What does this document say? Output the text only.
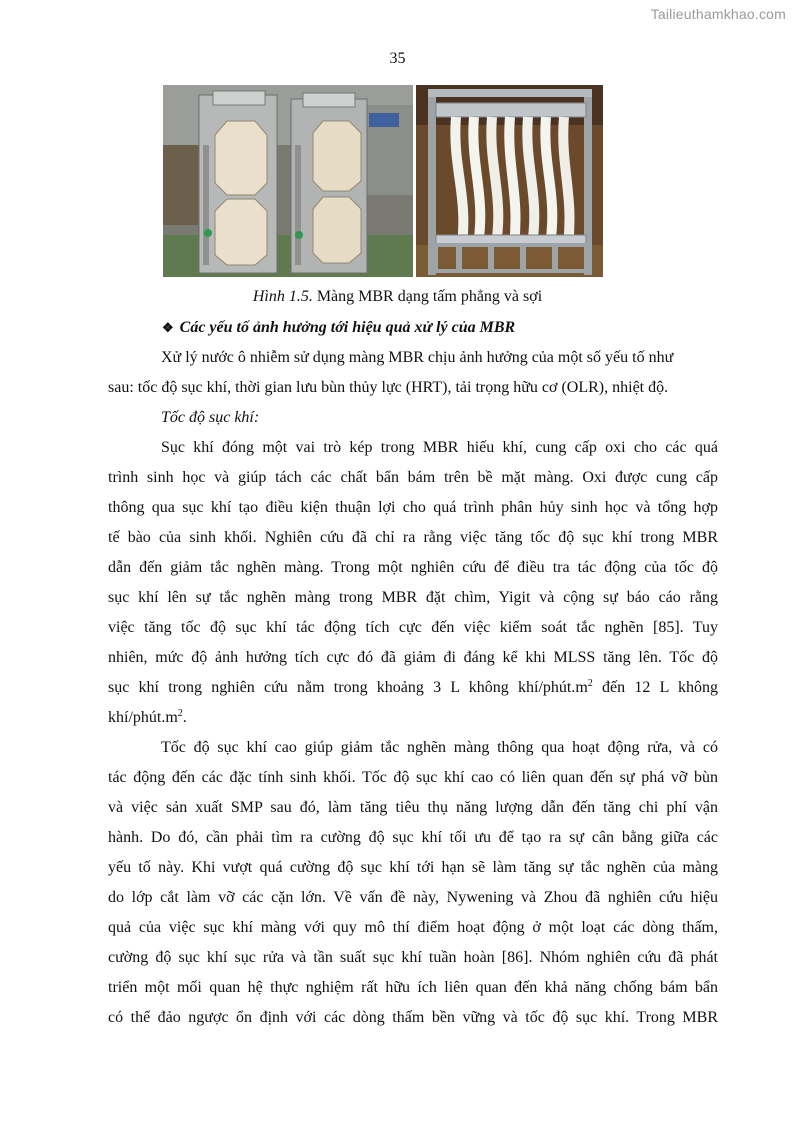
Tailieuthamkhao.com
35
Hình 1.5. Màng MBR dạng tấm phẳng và sợi
❖ Các yếu tố ảnh hưởng tới hiệu quả xử lý của MBR
Xử lý nước ô nhiễm sử dụng màng MBR chịu ảnh hưởng của một số yếu tố như
sau: tốc độ sục khí, thời gian lưu bùn thủy lực (HRT), tải trọng hữu cơ (OLR), nhiệt độ.
Tốc độ sục khí:
Sục khí đóng một vai trò kép trong MBR hiếu khí, cung cấp oxi cho các quá
trình sinh học và giúp tách các chất bẩn bám trên bề mặt màng. Oxi được cung cấp
thông qua sục khí tạo điều kiện thuận lợi cho quá trình phân hủy sinh học và tổng hợp
tế bào của sinh khối. Nghiên cứu đã chỉ ra rằng việc tăng tốc độ sục khí trong MBR
dẫn đến giảm tắc nghẽn màng. Trong một nghiên cứu để điều tra tác động của tốc độ
sục khí lên sự tắc nghẽn màng trong MBR đặt chìm, Yigit và cộng sự báo cáo rằng
việc tăng tốc độ sục khí tác động tích cực đến việc kiểm soát tắc nghẽn [85]. Tuy
nhiên, mức độ ảnh hưởng tích cực đó đã giảm đi đáng kể khi MLSS tăng lên. Tốc độ
sục khí trong nghiên cứu nằm trong khoảng 3 L không khí/$phút.m^2$ đến 12 L không
khí/$phút.m^2$.
Tốc độ sục khí cao giúp giảm tắc nghẽn màng thông qua hoạt động rửa, và có
tác động đến các đặc tính sinh khối. Tốc độ sục khí cao có liên quan đến sự phá vỡ bùn
và việc sản xuất SMP sau đó, làm tăng tiêu thụ năng lượng dẫn đến tăng chi phí vận
hành. Do đó, cần phải tìm ra cường độ sục khí tối ưu để tạo ra sự cân bằng giữa các
yếu tố này. Khi vượt quá cường độ sục khí tới hạn sẽ làm tăng sự tắc nghẽn của màng
do lớp cắt làm vỡ các cặn lớn. Về vấn đề này, Nywening và Zhou đã nghiên cứu hiệu
quả của việc sục khí màng với quy mô thí điểm hoạt động ở một loạt các dòng thấm,
cường độ sục khí sục rửa và tần suất sục khí tuần hoàn [86]. Nhóm nghiên cứu đã phát
triển một mối quan hệ thực nghiệm rất hữu ích liên quan đến khả năng chống bám bẩn
có thể đảo ngược ổn định với các dòng thấm bền vững và tốc độ sục khí. Trong MBR
